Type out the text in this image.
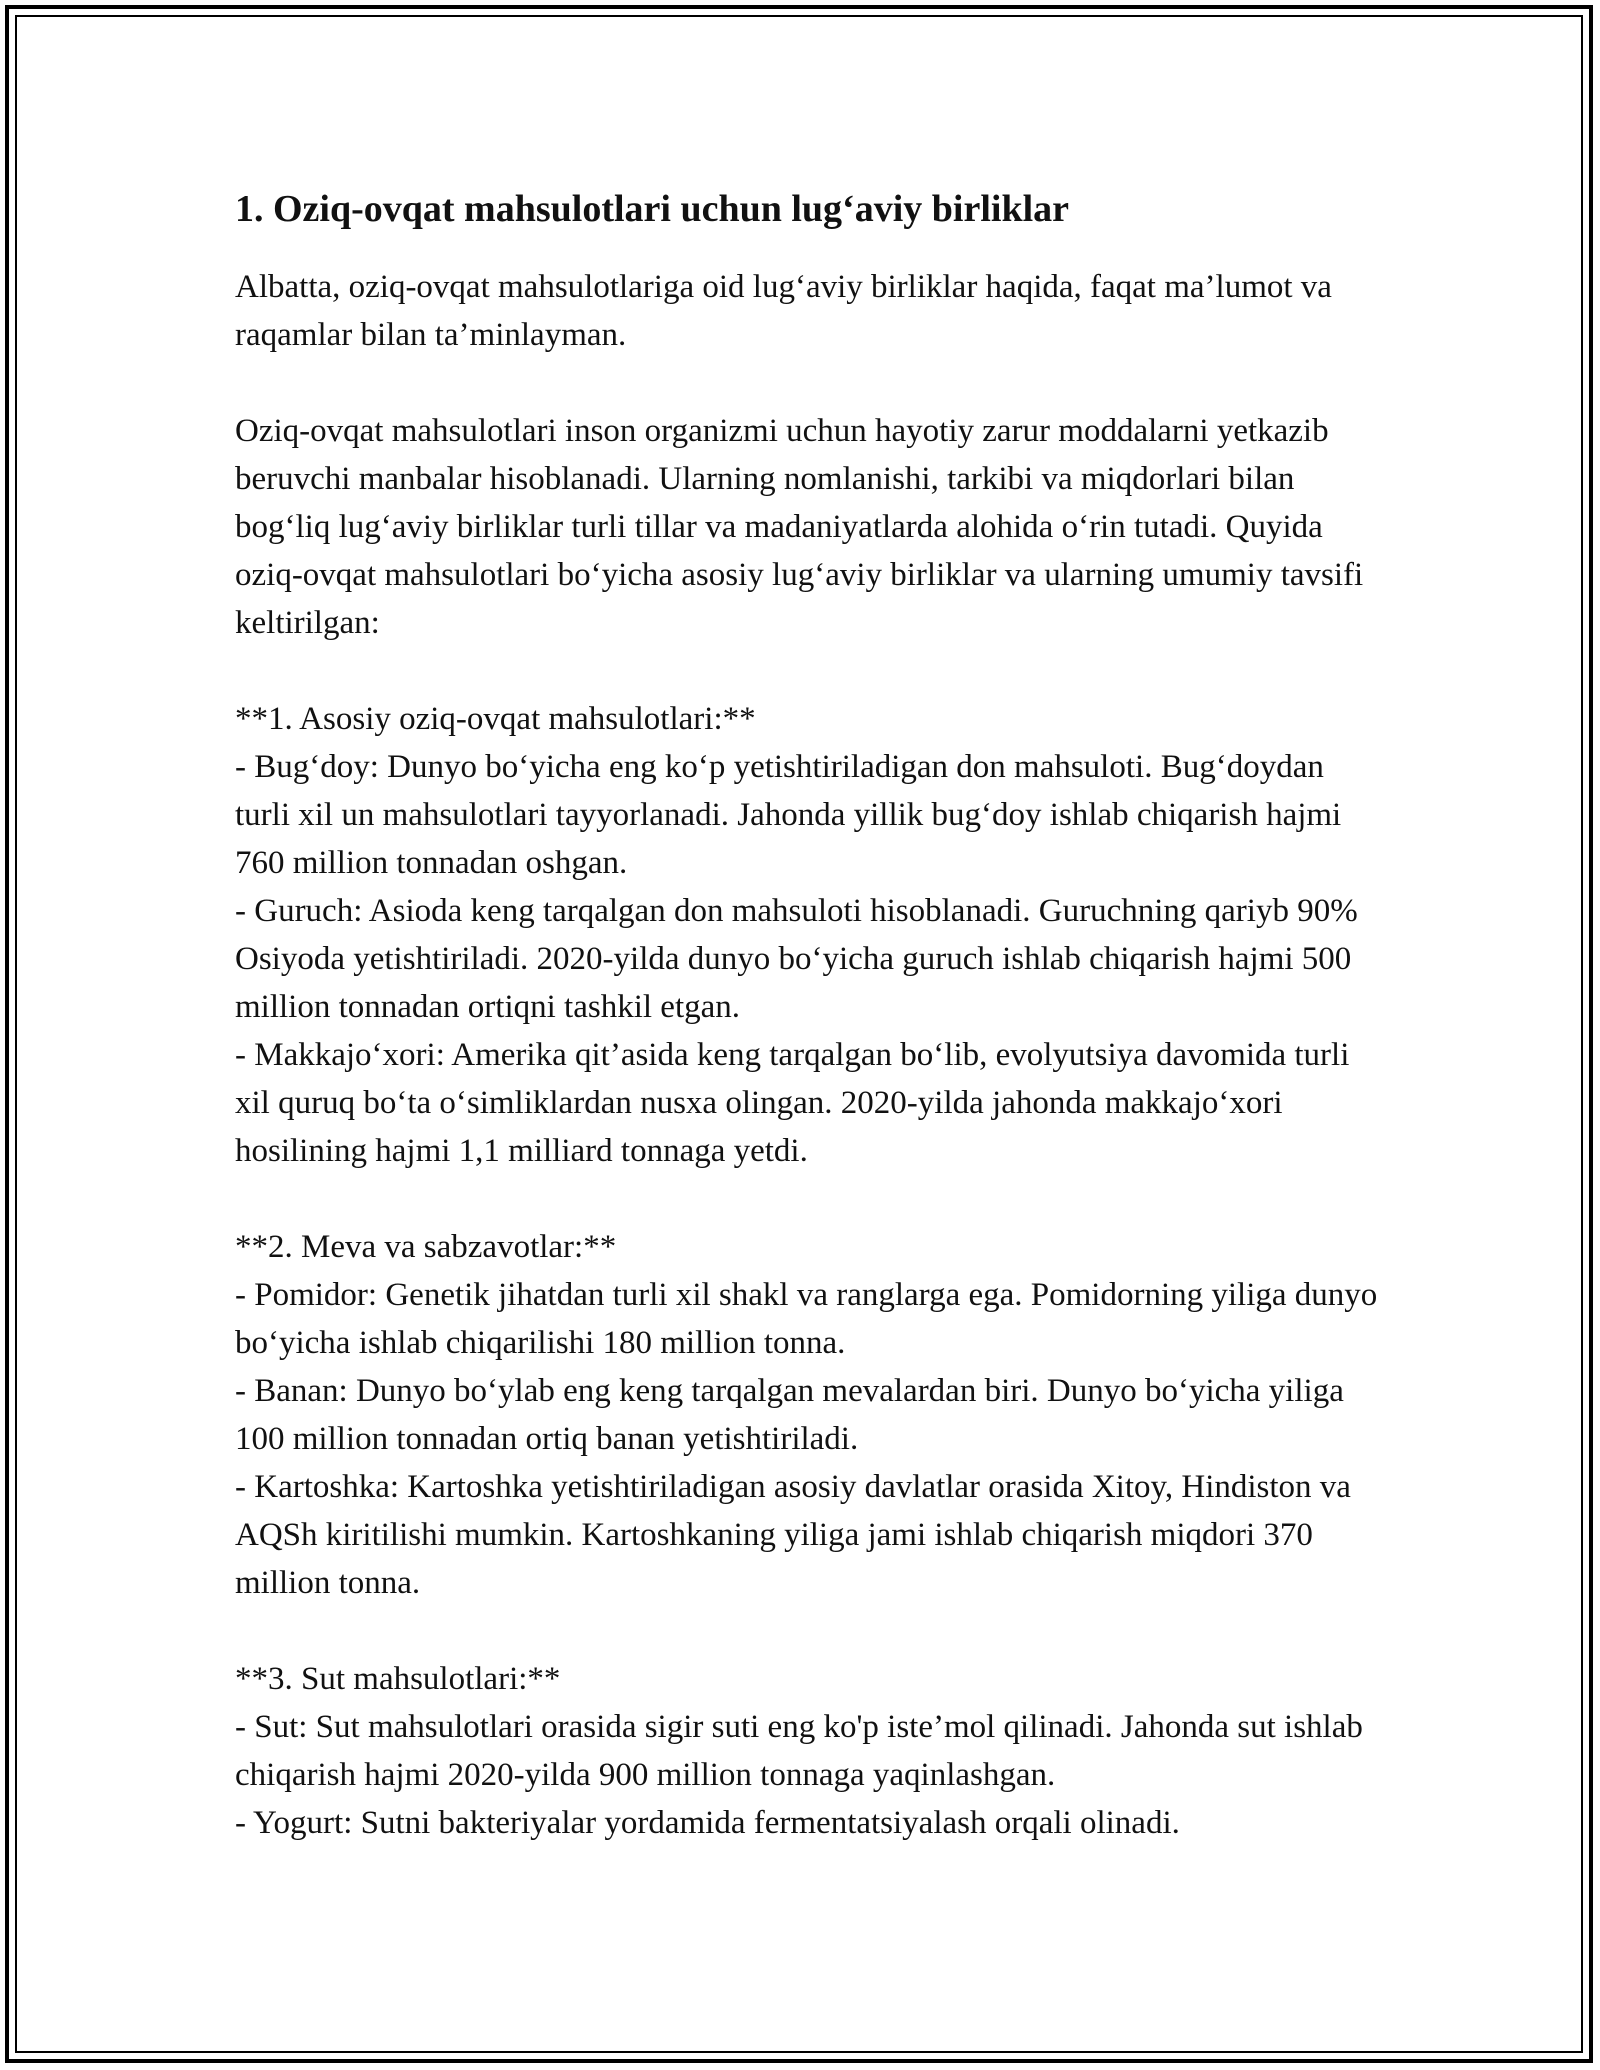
1. Oziq-ovqat mahsulotlari uchun lug‘aviy birliklar

Albatta, oziq-ovqat mahsulotlariga oid lug‘aviy birliklar haqida, faqat ma’lumot va raqamlar bilan ta’minlayman.

Oziq-ovqat mahsulotlari inson organizmi uchun hayotiy zarur moddalarni yetkazib beruvchi manbalar hisoblanadi. Ularning nomlanishi, tarkibi va miqdorlari bilan bog‘liq lug‘aviy birliklar turli tillar va madaniyatlarda alohida o‘rin tutadi. Quyida oziq-ovqat mahsulotlari bo‘yicha asosiy lug‘aviy birliklar va ularning umumiy tavsifi keltirilgan:

**1. Asosiy oziq-ovqat mahsulotlari:**

- Bug‘doy: Dunyo bo‘yicha eng ko‘p yetishtiriladigan don mahsuloti. Bug‘doydan turli xil un mahsulotlari tayyorlanadi. Jahonda yillik bug‘doy ishlab chiqarish hajmi 760 million tonnadan oshgan.

- Guruch: Asioda keng tarqalgan don mahsuloti hisoblanadi. Guruchning qariyb 90% Osiyoda yetishtiriladi. 2020-yilda dunyo bo‘yicha guruch ishlab chiqarish hajmi 500 million tonnadan ortiqni tashkil etgan.

- Makkajo‘xori: Amerika qit’asida keng tarqalgan bo‘lib, evolyutsiya davomida turli xil quruq bo‘ta o‘simliklardan nusxa olingan. 2020-yilda jahonda makkajo‘xori hosilining hajmi 1,1 milliard tonnaga yetdi.

**2. Meva va sabzavotlar:**

- Pomidor: Genetik jihatdan turli xil shakl va ranglarga ega. Pomidorning yiliga dunyo bo‘yicha ishlab chiqarilishi 180 million tonna.

- Banan: Dunyo bo‘ylab eng keng tarqalgan mevalardan biri. Dunyo bo‘yicha yiliga 100 million tonnadan ortiq banan yetishtiriladi.

- Kartoshka: Kartoshka yetishtiriladigan asosiy davlatlar orasida Xitoy, Hindiston va AQSh kiritilishi mumkin. Kartoshkaning yiliga jami ishlab chiqarish miqdori 370 million tonna.

**3. Sut mahsulotlari:**

- Sut: Sut mahsulotlari orasida sigir suti eng ko'p iste’mol qilinadi. Jahonda sut ishlab chiqarish hajmi 2020-yilda 900 million tonnaga yaqinlashgan.

- Yogurt: Sutni bakteriyalar yordamida fermentatsiyalash orqali olinadi.
